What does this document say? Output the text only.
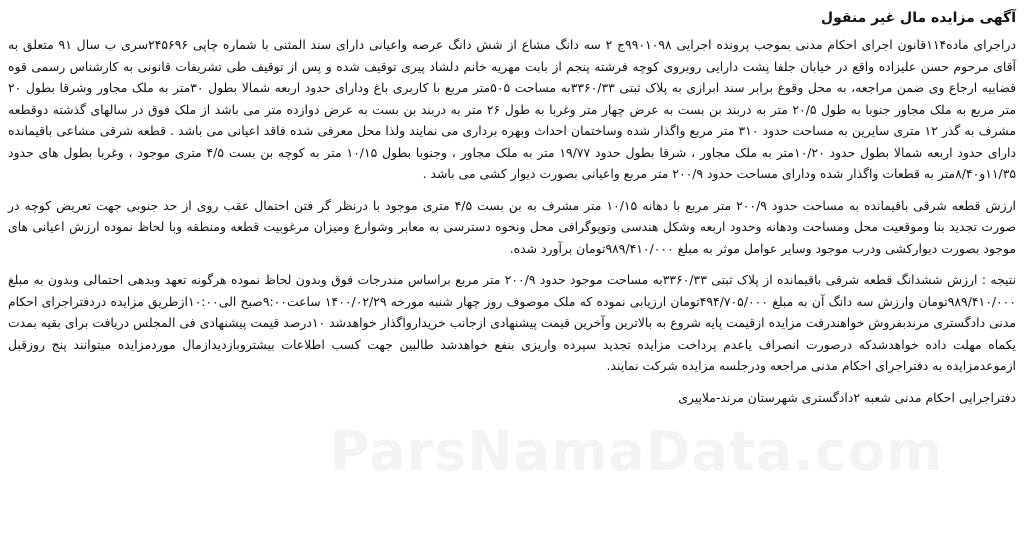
ParsNamaData.com
آگهی مزایده مال غیر منقول

دراجرای ماده۱۱۴قانون اجرای احکام مدنی بموجب پرونده اجرایی ۹۹۰۱۰۹۸ج ۲ سه دانگ مشاع از شش دانگ عرصه واعیانی دارای سند المثنی با شماره چاپی ۲۴۵۶۹۶سری ب سال ۹۱ متعلق به آقای مرحوم حسن علیزاده واقع در خیابان جلفا پشت دارایی روبروی کوچه فرشته پنجم از بابت مهریه خانم دلشاد پیری توقیف شده و پس از توقیف طی تشریفات قانونی به کارشناس رسمی قوه قضاییه ارجاع وی ضمن مراجعه، به محل وقوع برابر سند ابرازی به پلاک ثبتی ۳۳۶۰/۳۳به مساحت ۵۰۵متر مربع با کاربری باغ ودارای حدود اربعه شمالا بطول ۳۰متر به ملک مجاور وشرقا بطول ۲۰ متر مربع به ملک مجاور جنوبا به طول ۲۰/۵ متر به دربند بن بست به عرض چهار متر وغربا به طول ۲۶ متر به دربند بن بست به عرض دوازده متر می باشد از ملک فوق در سالهای گذشته دوقطعه مشرف به گذر ۱۲ متری سایرین به مساحت حدود ۳۱۰ متر مربع واگذار شده وساختمان احداث وبهره برداری می نمایند ولذا محل معرفی شده فاقد اعیانی می باشد . قطعه شرقی مشاعی باقیمانده دارای حدود اربعه شمالا بطول حدود ۱۰/۲۰متر به ملک مجاور ، شرقا بطول حدود ۱۹/۷۷ متر به ملک مجاور ، وجنوبا بطول ۱۰/۱۵ متر به کوچه بن بست ۴/۵ متری موجود ، وغربا بطول های حدود ۱۱/۳۵و۸/۴۰متر به قطعات واگذار شده ودارای مساحت حدود ۲۰۰/۹ متر مربع واعیانی بصورت دیوار کشی می باشد .

ارزش قطعه شرقی باقیمانده به مساحت حدود ۲۰۰/۹ متر مربع با دهانه ۱۰/۱۵ متر مشرف به بن بست ۴/۵ متری موجود با درنظر گر فتن احتمال عقب روی از حد جنوبی جهت تعریض کوچه در صورت تجدید بنا وموقعیت محل ومساحت ودهانه وحدود اربعه وشکل هندسی وتوپوگرافی محل ونحوه دسترسی به معابر وشوارع ومیزان مرغوبیت قطعه ومنطقه وبا لحاظ نموده ارزش اعیانی های موجود بصورت دیوارکشی ودرب موجود وسایر عوامل موثر به مبلغ ۹۸۹/۴۱۰/۰۰۰تومان برآورد شده.

نتیجه : ارزش ششدانگ قطعه شرقی باقیمانده از پلاک ثبتی ۳۳۶۰/۳۳به مساحت موجود حدود ۲۰۰/۹ متر مربع براساس مندرجات فوق وبدون لحاظ نموده هرگونه تعهد وبدهی احتمالی وبدون به مبلغ ۹۸۹/۴۱۰/۰۰۰تومان وارزش سه دانگ آن به مبلغ ۴۹۴/۷۰۵/۰۰۰تومان ارزیابی نموده که ملک موصوف روز چهار شنبه مورخه ۱۴۰۰/۰۲/۲۹ ساعت۹:۰۰صبح الی۱۰:۰۰ازطریق مزایده دردفتراجرای احکام مدنی دادگستری مرندبفروش خواهندرفت مزایده ازقیمت پایه شروع به بالاترین وآخرین قیمت پیشنهادی ازجانب خریداروا‌گذار خواهدشد ۱۰درصد قیمت پیشنهادی فی المجلس دریافت برای بقیه بمدت یکماه مهلت داده خواهدشدکه درصورت انصراف یاعدم پرداخت مزایده تجدید سپرده واریزی بنفع خواهدشد طالبین جهت کسب اطلاعات بیشتروبازدیدازمال موردمزایده میتوانند پنج روزقبل ازموعدمزایده به دفتراجرای احکام مدنی مراجعه ودرجلسه مزایده شرکت نمایند.

دفتراجرایی احکام مدنی شعبه ۲دادگستری شهرستان مرند-ملاپیری
